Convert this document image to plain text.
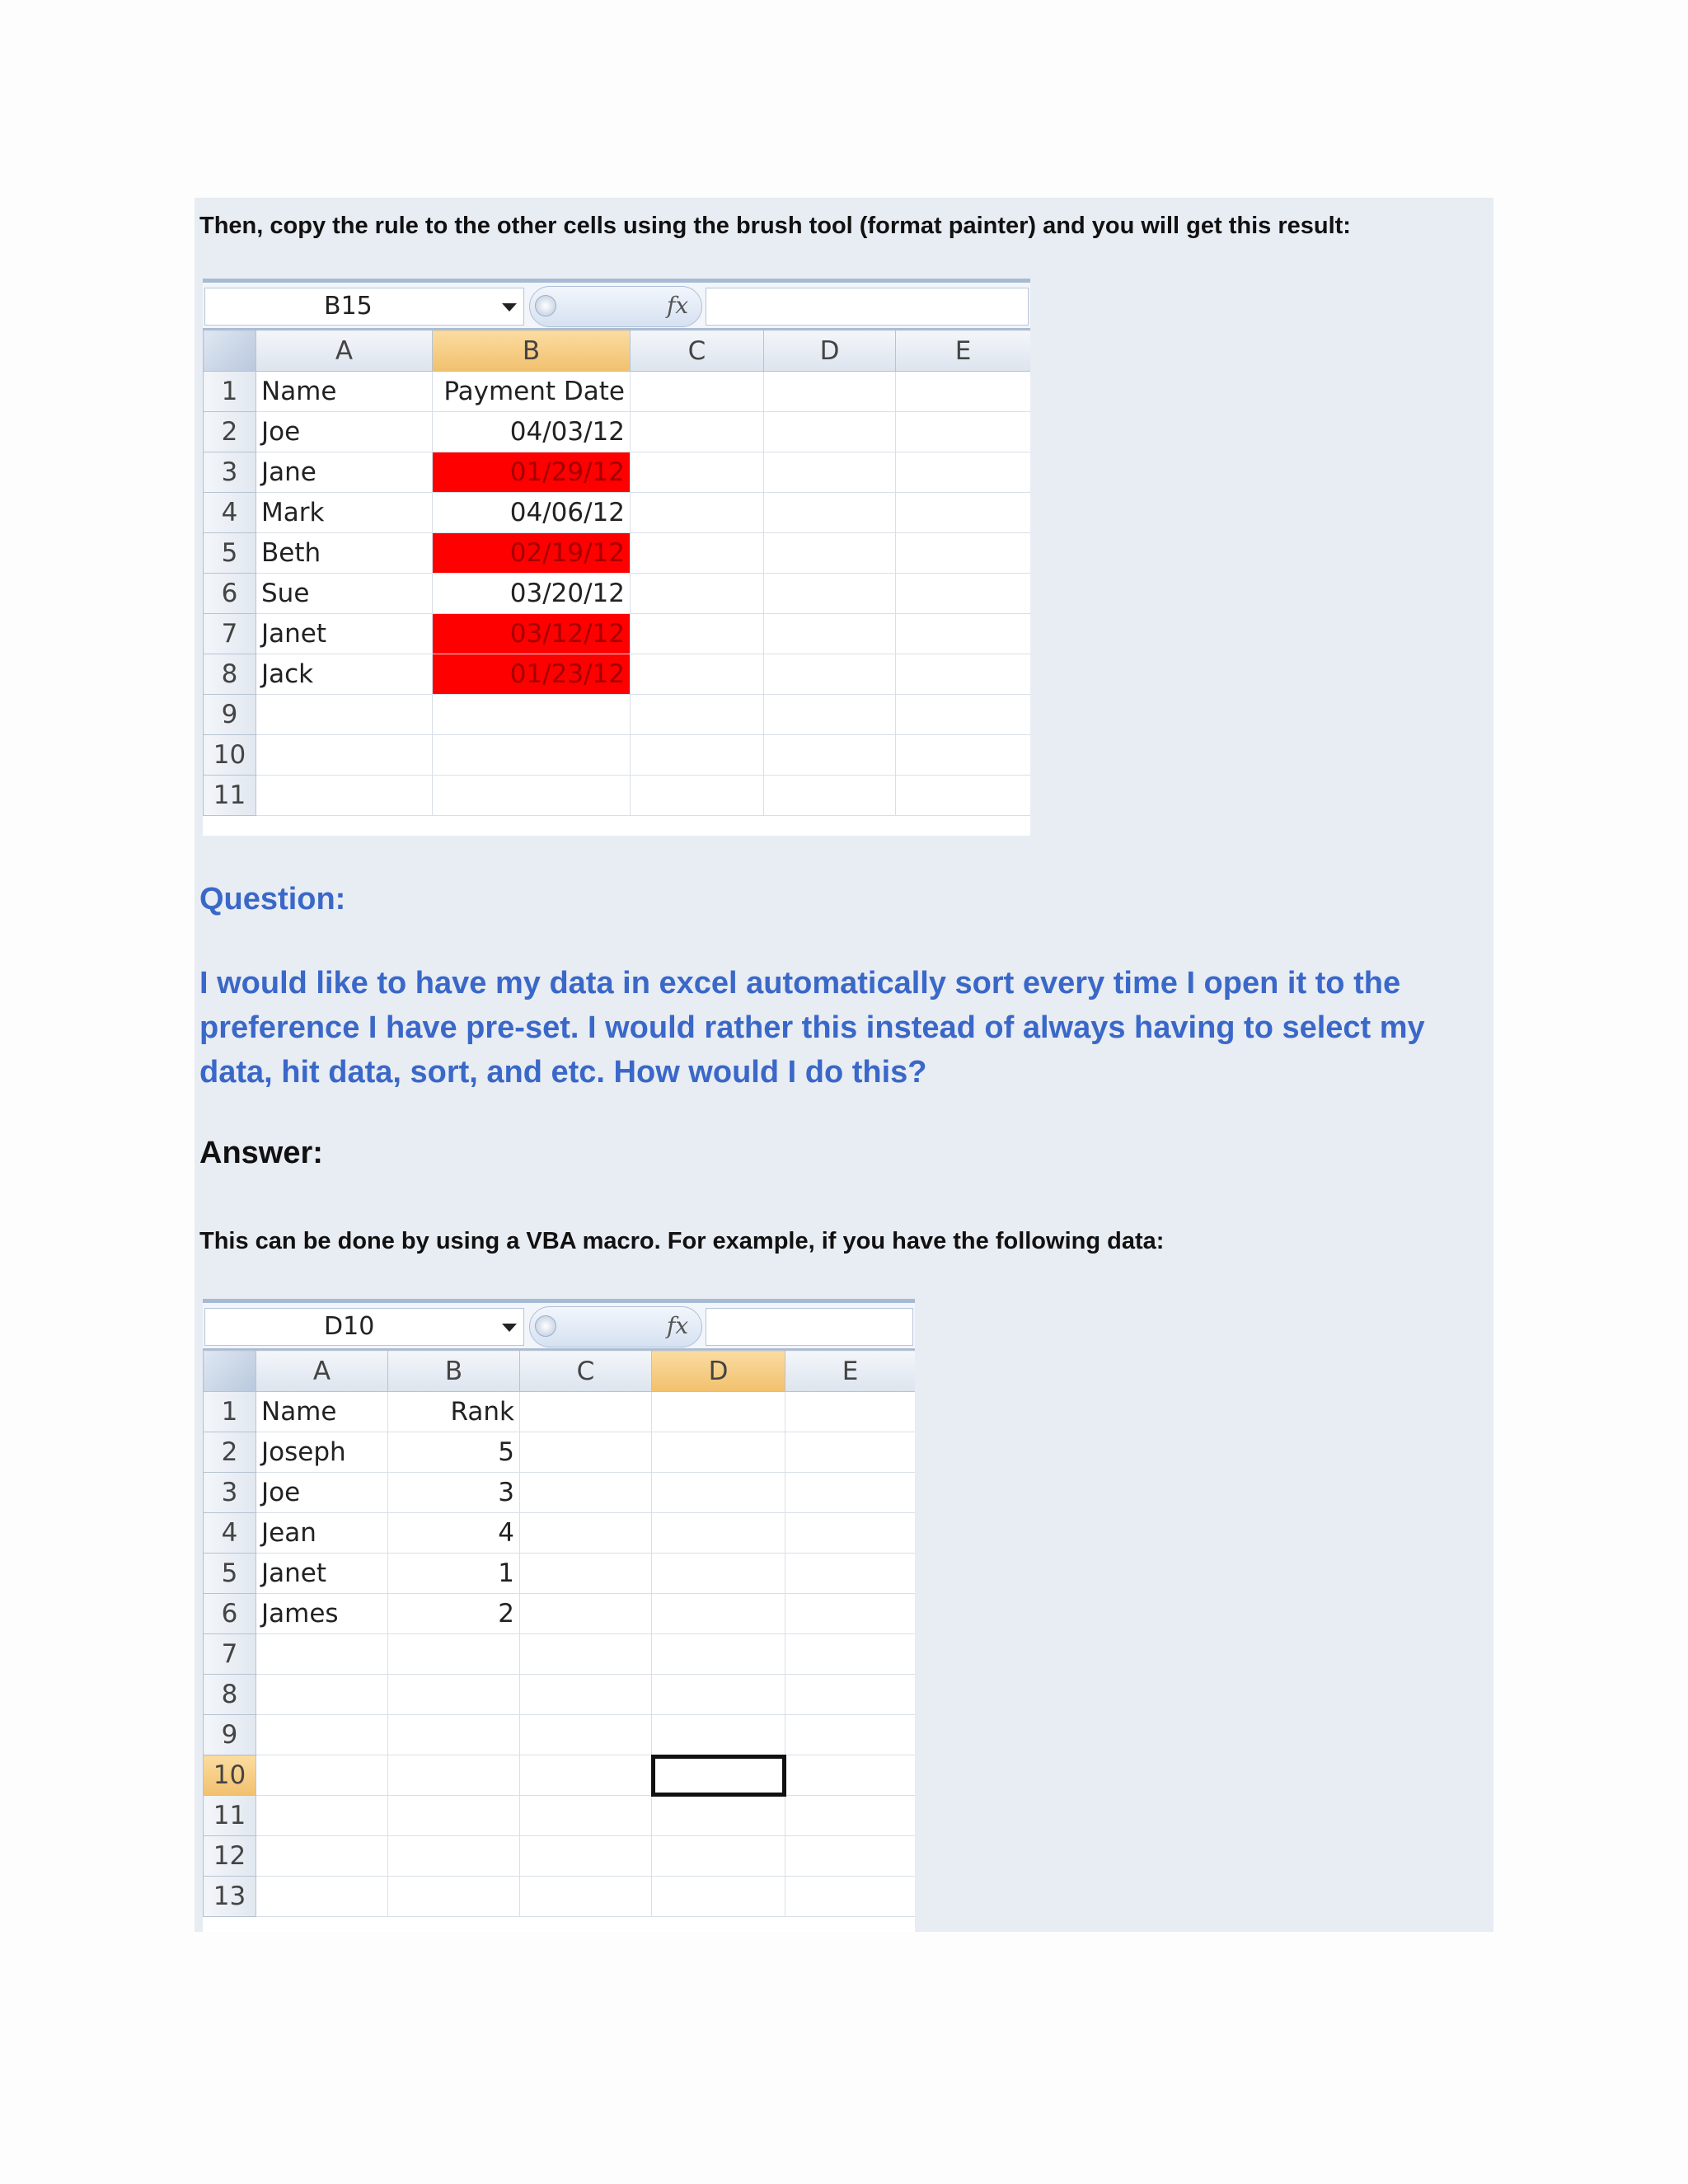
Then, copy the rule to the other cells using the brush tool (format painter) and you will get this result:

B15	fx
	A	B	C	D	E
1	Name	Payment Date			
2	Joe	04/03/12			
3	Jane	01/29/12			
4	Mark	04/06/12			
5	Beth	02/19/12			
6	Sue	03/20/12			
7	Janet	03/12/12			
8	Jack	01/23/12			
9					
10					
11					

Question:

I would like to have my data in excel automatically sort every time I open it to the preference I have pre-set. I would rather this instead of always having to select my data, hit data, sort, and etc. How would I do this?

Answer:

This can be done by using a VBA macro. For example, if you have the following data:

D10	fx
	A	B	C	D	E
1	Name	Rank			
2	Joseph	5			
3	Joe	3			
4	Jean	4			
5	Janet	1			
6	James	2			
7					
8					
9					
10					
11					
12					
13					
